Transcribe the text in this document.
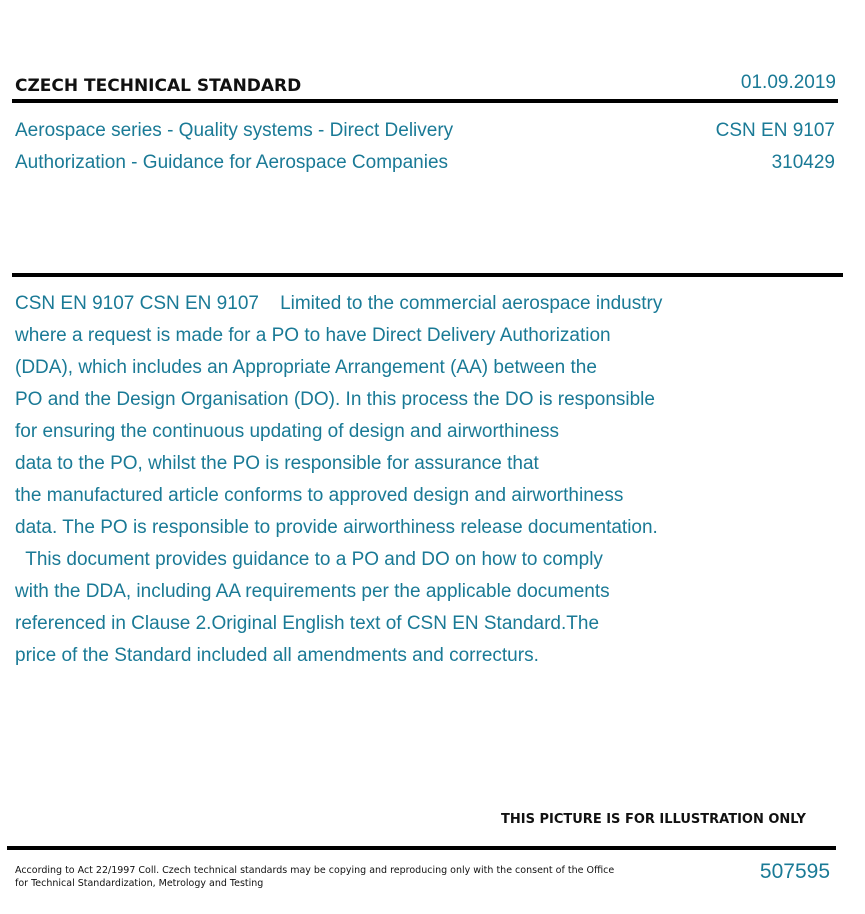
CZECH TECHNICAL STANDARD	01.09.2019
Aerospace series - Quality systems - Direct Delivery
Authorization - Guidance for Aerospace Companies
CSN EN 9107
310429

CSN EN 9107 CSN EN 9107    Limited to the commercial aerospace industry

where a request is made for a PO to have Direct Delivery Authorization

(DDA), which includes an Appropriate Arrangement (AA) between the

PO and the Design Organisation (DO). In this process the DO is responsible

for ensuring the continuous updating of design and airworthiness

data to the PO, whilst the PO is responsible for assurance that

the manufactured article conforms to approved design and airworthiness

data. The PO is responsible to provide airworthiness release documentation.

This document provides guidance to a PO and DO on how to comply

with the DDA, including AA requirements per the applicable documents

referenced in Clause 2.Original English text of CSN EN Standard.The

price of the Standard included all amendments and correcturs.

THIS PICTURE IS FOR ILLUSTRATION ONLY
According to Act 22/1997 Coll. Czech technical standards may be copying and reproducing only with the consent of the Office
for Technical Standardization, Metrology and Testing
507595
